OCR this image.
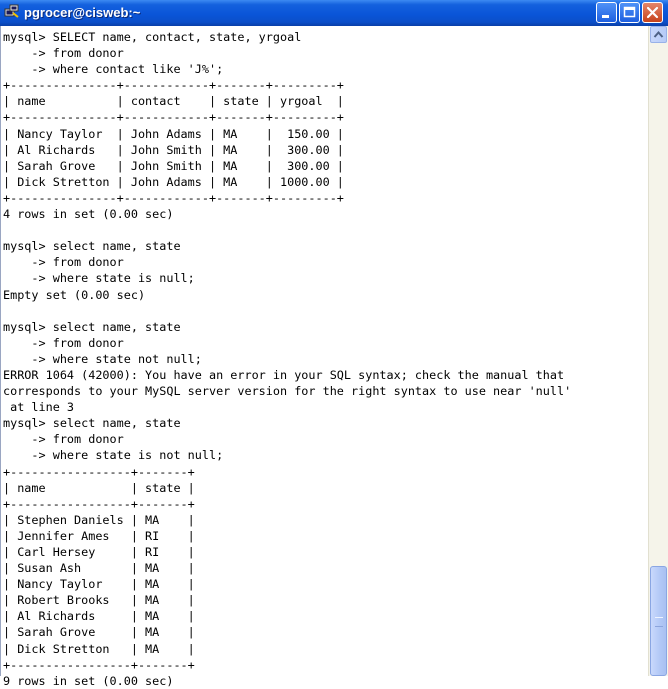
pgrocer@cisweb:~
mysql> SELECT name, contact, state, yrgoal
-> from donor
-> where contact like 'J%';
+---------------+------------+-------+---------+
| name          | contact    | state | yrgoal  |
+---------------+------------+-------+---------+
| Nancy Taylor  | John Adams | MA    |  150.00 |
| Al Richards   | John Smith | MA    |  300.00 |
| Sarah Grove   | John Smith | MA    |  300.00 |
| Dick Stretton | John Adams | MA    | 1000.00 |
+---------------+------------+-------+---------+
4 rows in set (0.00 sec)
mysql> select name, state
-> from donor
-> where state is null;
Empty set (0.00 sec)
mysql> select name, state
-> from donor
-> where state not null;
ERROR 1064 (42000): You have an error in your SQL syntax; check the manual that
corresponds to your MySQL server version for the right syntax to use near 'null'
at line 3
mysql> select name, state
-> from donor
-> where state is not null;
+-----------------+-------+
| name            | state |
+-----------------+-------+
| Stephen Daniels | MA    |
| Jennifer Ames   | RI    |
| Carl Hersey     | RI    |
| Susan Ash       | MA    |
| Nancy Taylor    | MA    |
| Robert Brooks   | MA    |
| Al Richards     | MA    |
| Sarah Grove     | MA    |
| Dick Stretton   | MA    |
+-----------------+-------+
9 rows in set (0.00 sec)
